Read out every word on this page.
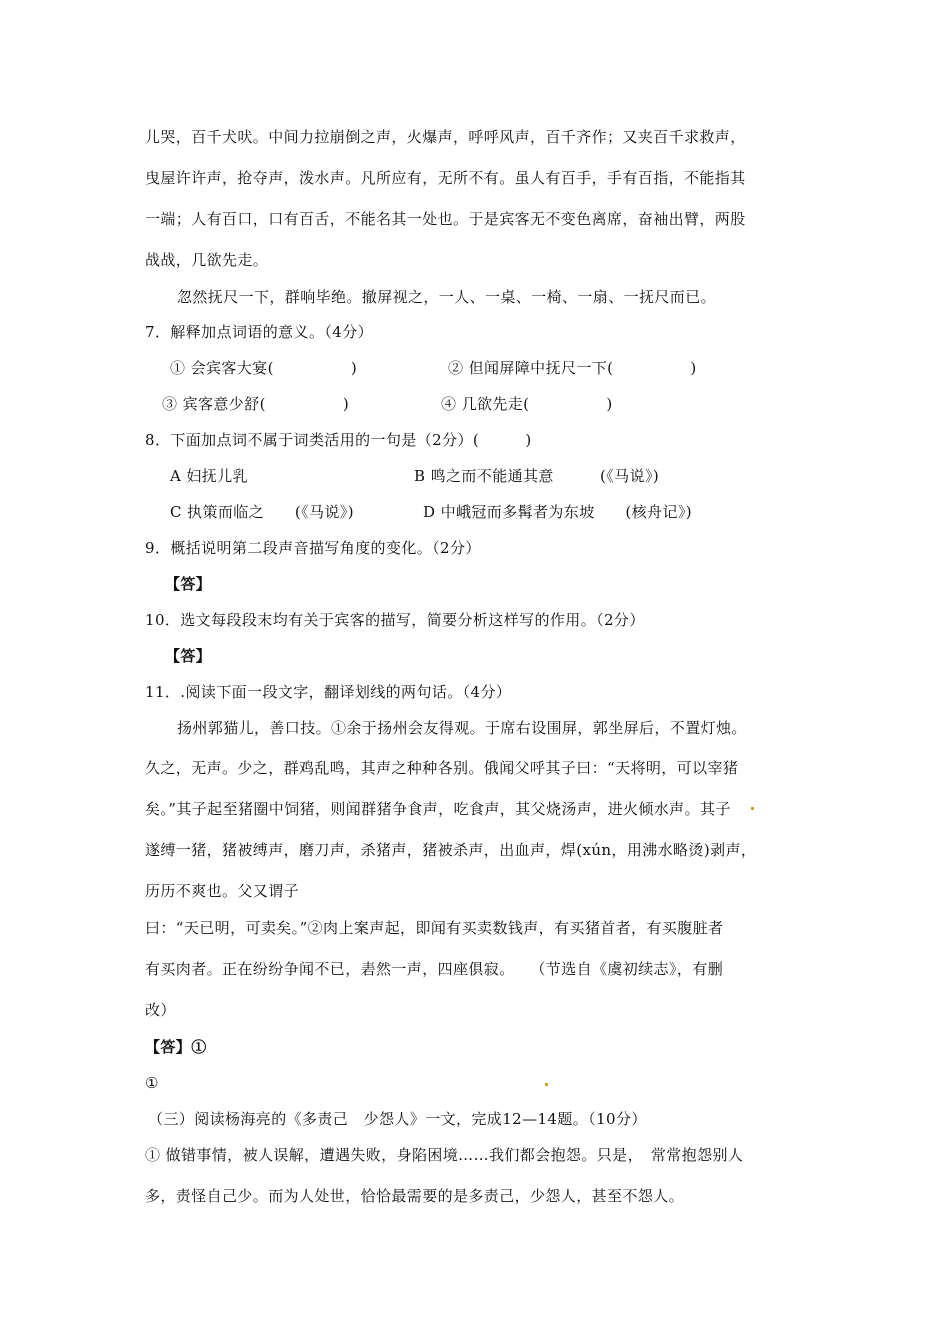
儿哭，百千犬吠。中间力拉崩倒之声，火爆声，呼呼风声，百千齐作；又夹百千求救声，
曳屋许许声，抢夺声，泼水声。凡所应有，无所不有。虽人有百手，手有百指，不能指其
一端；人有百口，口有百舌，不能名其一处也。于是宾客无不变色离席，奋袖出臂，两股
战战，几欲先走。
忽然抚尺一下，群响毕绝。撤屏视之，一人、一桌、一椅、一扇、一抚尺而已。
7．解释加点词语的意义。（4分）
① 会宾客大宴(　　　　　)	② 但闻屏障中抚尺一下(　　　　　)
③ 宾客意少舒(　　　　　)	④ 几欲先走(　　　　　)
8．下面加点词不属于词类活用的一句是（2分）(　　　)
A 妇抚儿乳	B 鸣之而不能通其意　　　(《马说》)
C 执策而临之　　(《马说》)	D 中峨冠而多髯者为东坡　　(核舟记》)
9．概括说明第二段声音描写角度的变化。（2分）
【答】
10．选文每段段末均有关于宾客的描写，简要分析这样写的作用。（2分）
【答】
11．.阅读下面一段文字，翻译划线的两句话。（4分）
扬州郭猫儿，善口技。①余于扬州会友得观。于席右设围屏，郭坐屏后，不置灯烛。
久之，无声。少之，群鸡乱鸣，其声之种种各别。俄闻父呼其子曰：“天将明，可以宰猪
矣。”其子起至猪圈中饲猪，则闻群猪争食声，吃食声，其父烧汤声，进火倾水声。其子
遂缚一猪，猪被缚声，磨刀声，杀猪声，猪被杀声，出血声，焊(xún，用沸水略烫)剥声，
历历不爽也。父又谓子
曰：“天已明，可卖矣。”②肉上案声起，即闻有买卖数钱声，有买猪首者，有买腹脏者
有买肉者。正在纷纷争闻不已，砉然一声，四座俱寂。　　（节选自《虞初续志》，有删
改）
【答】①
①
（三）阅读杨海亮的《多责己　少怨人》一文，完成12—14题。（10分）
① 做错事情，被人误解，遭遇失败，身陷困境……我们都会抱怨。只是，　常常抱怨别人
多，责怪自己少。而为人处世，恰恰最需要的是多责己，少怨人，甚至不怨人。
